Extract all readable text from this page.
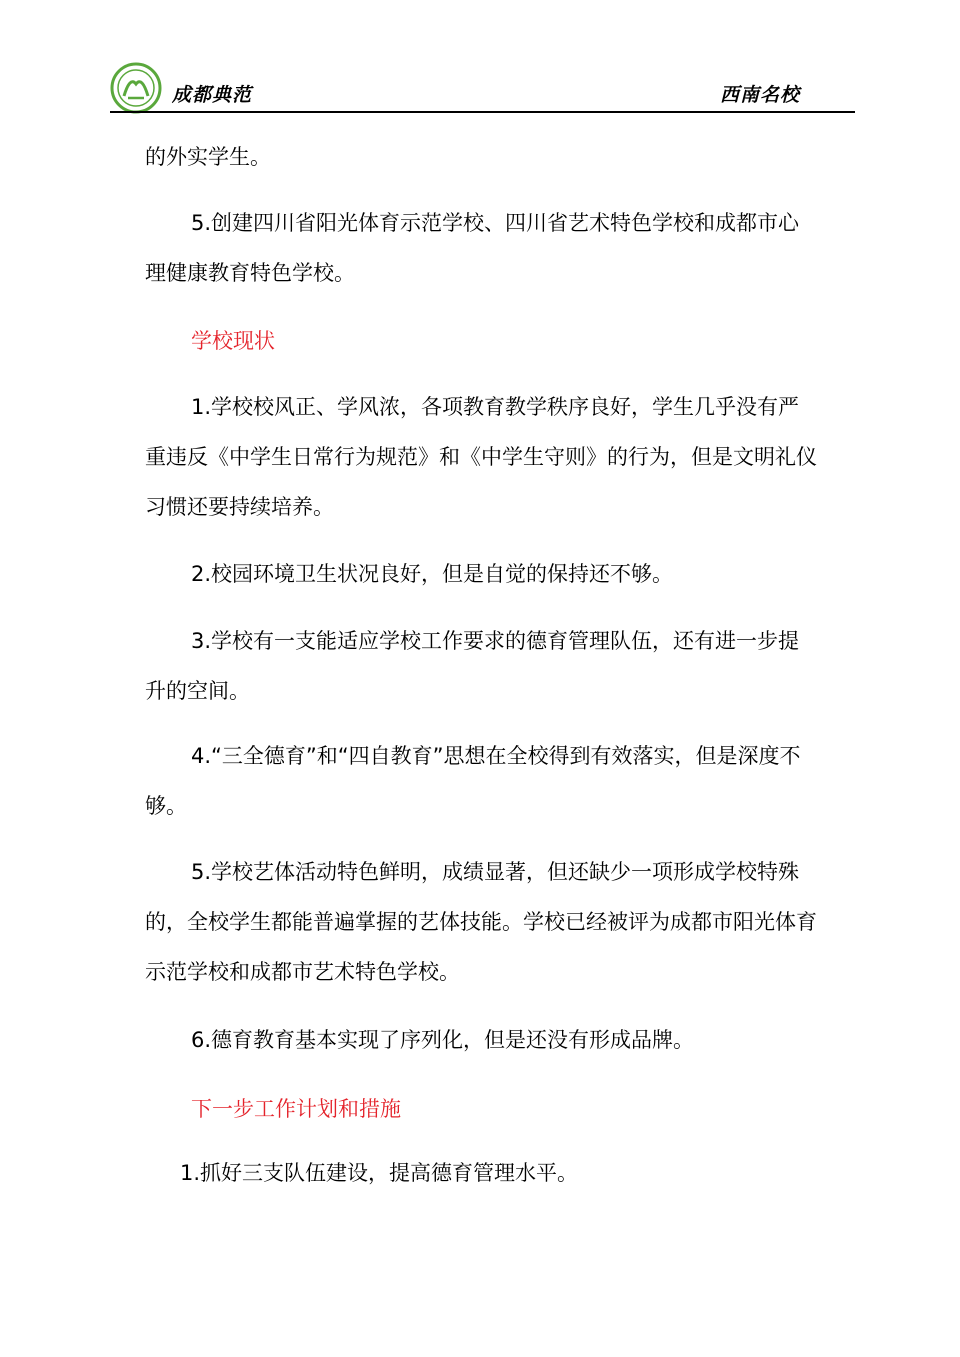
成都典范	西南名校

的外实学生。

5.创建四川省阳光体育示范学校、四川省艺术特色学校和成都市心理健康教育特色学校。

学校现状

1.学校校风正、学风浓，各项教育教学秩序良好，学生几乎没有严重违反《中学生日常行为规范》和《中学生守则》的行为，但是文明礼仪习惯还要持续培养。

2.校园环境卫生状况良好，但是自觉的保持还不够。

3.学校有一支能适应学校工作要求的德育管理队伍，还有进一步提升的空间。

4.“三全德育”和“四自教育”思想在全校得到有效落实，但是深度不够。

5.学校艺体活动特色鲜明，成绩显著，但还缺少一项形成学校特殊的，全校学生都能普遍掌握的艺体技能。学校已经被评为成都市阳光体育示范学校和成都市艺术特色学校。

6.德育教育基本实现了序列化，但是还没有形成品牌。

下一步工作计划和措施

1.抓好三支队伍建设，提高德育管理水平。
